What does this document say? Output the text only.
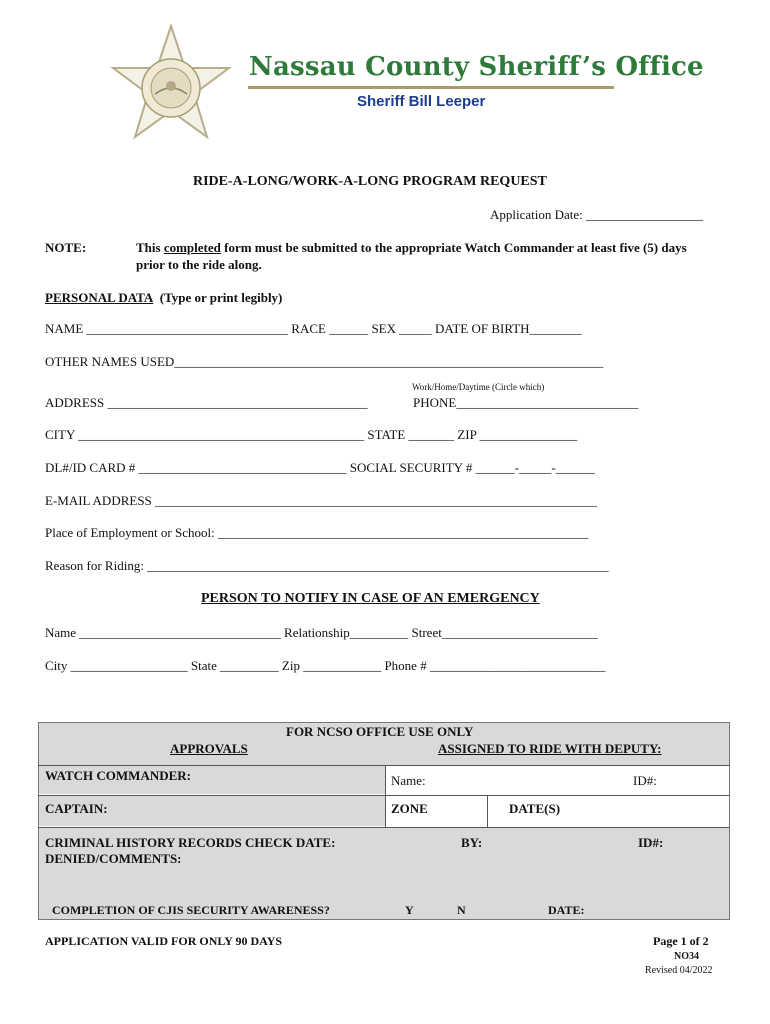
Nassau County Sheriff’s Office
Sheriff Bill Leeper
RIDE-A-LONG/WORK-A-LONG PROGRAM REQUEST
Application Date: __________________
NOTE:	This completed form must be submitted to the appropriate Watch Commander at least five (5) days
prior to the ride along.
PERSONAL DATA (Type or print legibly)
NAME _______________________________ RACE ______ SEX _____ DATE OF BIRTH________
OTHER NAMES USED__________________________________________________________________
Work/Home/Daytime (Circle which)
ADDRESS ________________________________________	PHONE____________________________
CITY ____________________________________________ STATE _______ ZIP _______________
DL#/ID CARD # ________________________________ SOCIAL SECURITY # ______-_____-______
E-MAIL ADDRESS ____________________________________________________________________
Place of Employment or School: _________________________________________________________
Reason for Riding: _______________________________________________________________________
PERSON TO NOTIFY IN CASE OF AN EMERGENCY
Name _______________________________ Relationship_________ Street________________________
City __________________ State _________ Zip ____________ Phone # ___________________________
FOR NCSO OFFICE USE ONLY
APPROVALS	ASSIGNED TO RIDE WITH DEPUTY:
WATCH COMMANDER:	Name:	ID#:
CAPTAIN:	ZONE	DATE(S)
CRIMINAL HISTORY RECORDS CHECK DATE:	BY:	ID#:
DENIED/COMMENTS:
COMPLETION OF CJIS SECURITY AWARENESS?	Y	N	DATE:
APPLICATION VALID FOR ONLY 90 DAYS	Page 1 of 2
NO34
Revised 04/2022
